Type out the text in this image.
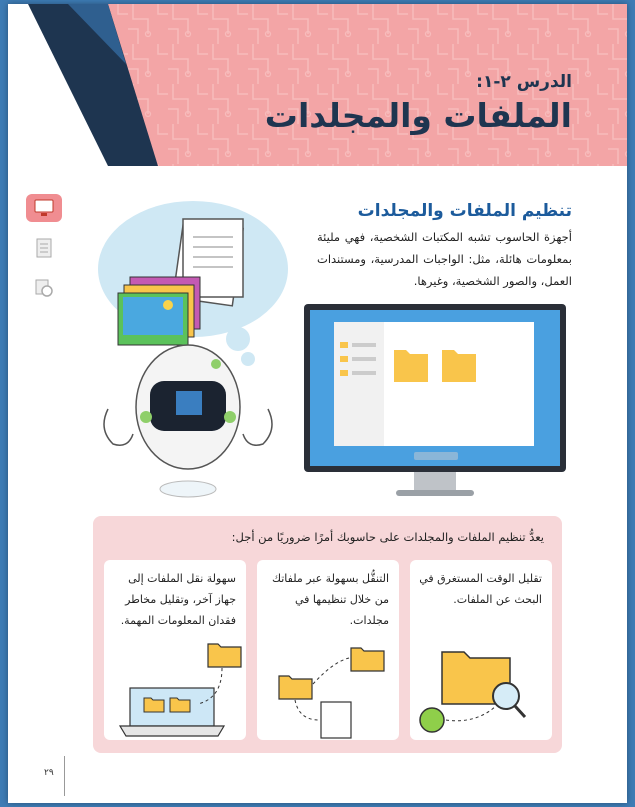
الدرس ٢-١:
الملفات والمجلدات
تنظيم الملفات والمجلدات
أجهزة الحاسوب تشبه المكتبات الشخصية، فهي مليئة بمعلومات هائلة، مثل: الواجبات المدرسية، ومستندات العمل، والصور الشخصية، وغيرها.
يعدُّ تنظيم الملفات والمجلدات على حاسوبك أمرًا ضروريًا من أجل:
تقليل الوقت المستغرق في البحث عن الملفات.
التنقُّل بسهولة عبر ملفاتك من خلال تنظيمها في مجلدات.
سهولة نقل الملفات إلى جهاز آخر، وتقليل مخاطر فقدان المعلومات المهمة.
٢٩
